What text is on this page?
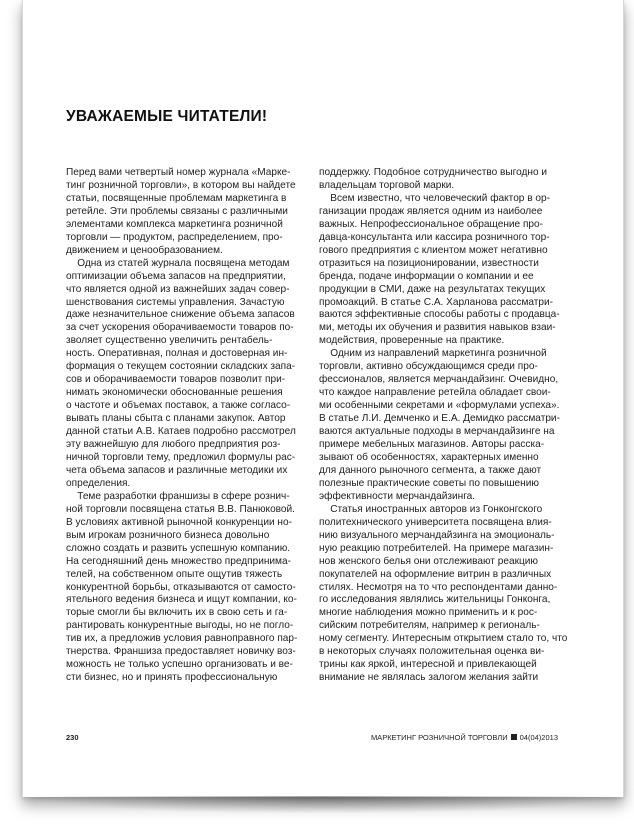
УВАЖАЕМЫЕ ЧИТАТЕЛИ!

Перед вами четвертый номер журнала «Марке-

тинг розничной торговли», в котором вы найдете

статьи, посвященные проблемам маркетинга в

ретейле. Эти проблемы связаны с различными

элементами комплекса маркетинга розничной

торговли — продуктом, распределением, про-

движением и ценообразованием.

Одна из статей журнала посвящена методам

оптимизации объема запасов на предприятии,

что является одной из важнейших задач совер-

шенствования системы управления. Зачастую

даже незначительное снижение объема запасов

за счет ускорения оборачиваемости товаров по-

зволяет существенно увеличить рентабель-

ность. Оперативная, полная и достоверная ин-

формация о текущем состоянии складских запа-

сов и оборачиваемости товаров позволит при-

нимать экономически обоснованные решения

о частоте и объемах поставок, а также согласо-

вывать планы сбыта с планами закупок. Автор

данной статьи А.В. Катаев подробно рассмотрел

эту важнейшую для любого предприятия роз-

ничной торговли тему, предложил формулы рас-

чета объема запасов и различные методики их

определения.

Теме разработки франшизы в сфере рознич-

ной торговли посвящена статья В.В. Панюковой.

В условиях активной рыночной конкуренции но-

вым игрокам розничного бизнеса довольно

сложно создать и развить успешную компанию.

На сегодняшний день множество предпринима-

телей, на собственном опыте ощутив тяжесть

конкурентной борьбы, отказываются от самосто-

ятельного ведения бизнеса и ищут компании, ко-

торые смогли бы включить их в свою сеть и га-

рантировать конкурентные выгоды, но не погло-

тив их, а предложив условия равноправного пар-

тнерства. Франшиза предоставляет новичку воз-

можность не только успешно организовать и ве-

сти бизнес, но и принять профессиональную

поддержку. Подобное сотрудничество выгодно и

владельцам торговой марки.

Всем известно, что человеческий фактор в ор-

ганизации продаж является одним из наиболее

важных. Непрофессиональное обращение про-

давца-консультанта или кассира розничного тор-

гового предприятия с клиентом может негативно

отразиться на позиционировании, известности

бренда, подаче информации о компании и ее

продукции в СМИ, даже на результатах текущих

промоакций. В статье С.А. Харланова рассматри-

ваются эффективные способы работы с продавца-

ми, методы их обучения и развития навыков взаи-

модействия, проверенные на практике.

Одним из направлений маркетинга розничной

торговли, активно обсуждающимся среди про-

фессионалов, является мерчандайзинг. Очевидно,

что каждое направление ретейла обладает свои-

ми особенными секретами и «формулами успеха».

В статье Л.И. Демченко и Е.А. Демидко рассматри-

ваются актуальные подходы в мерчандайзинге на

примере мебельных магазинов. Авторы расска-

зывают об особенностях, характерных именно

для данного рыночного сегмента, а также дают

полезные практические советы по повышению

эффективности мерчандайзинга.

Статья иностранных авторов из Гонконгского

политехнического университета посвящена влия-

нию визуального мерчандайзинга на эмоциональ-

ную реакцию потребителей. На примере магазин-

нов женского белья они отслеживают реакцию

покупателей на оформление витрин в различных

стилях. Несмотря на то что респондентами данно-

го исследования являлись жительницы Гонконга,

многие наблюдения можно применить и к рос-

сийским потребителям, например к региональ-

ному сегменту. Интересным открытием стало то, что

в некоторых случаях положительная оценка ви-

трины как яркой, интересной и привлекающей

внимание не являлась залогом желания зайти

230	МАРКЕТИНГ РОЗНИЧНОЙ ТОРГОВЛИ 04(04)2013
